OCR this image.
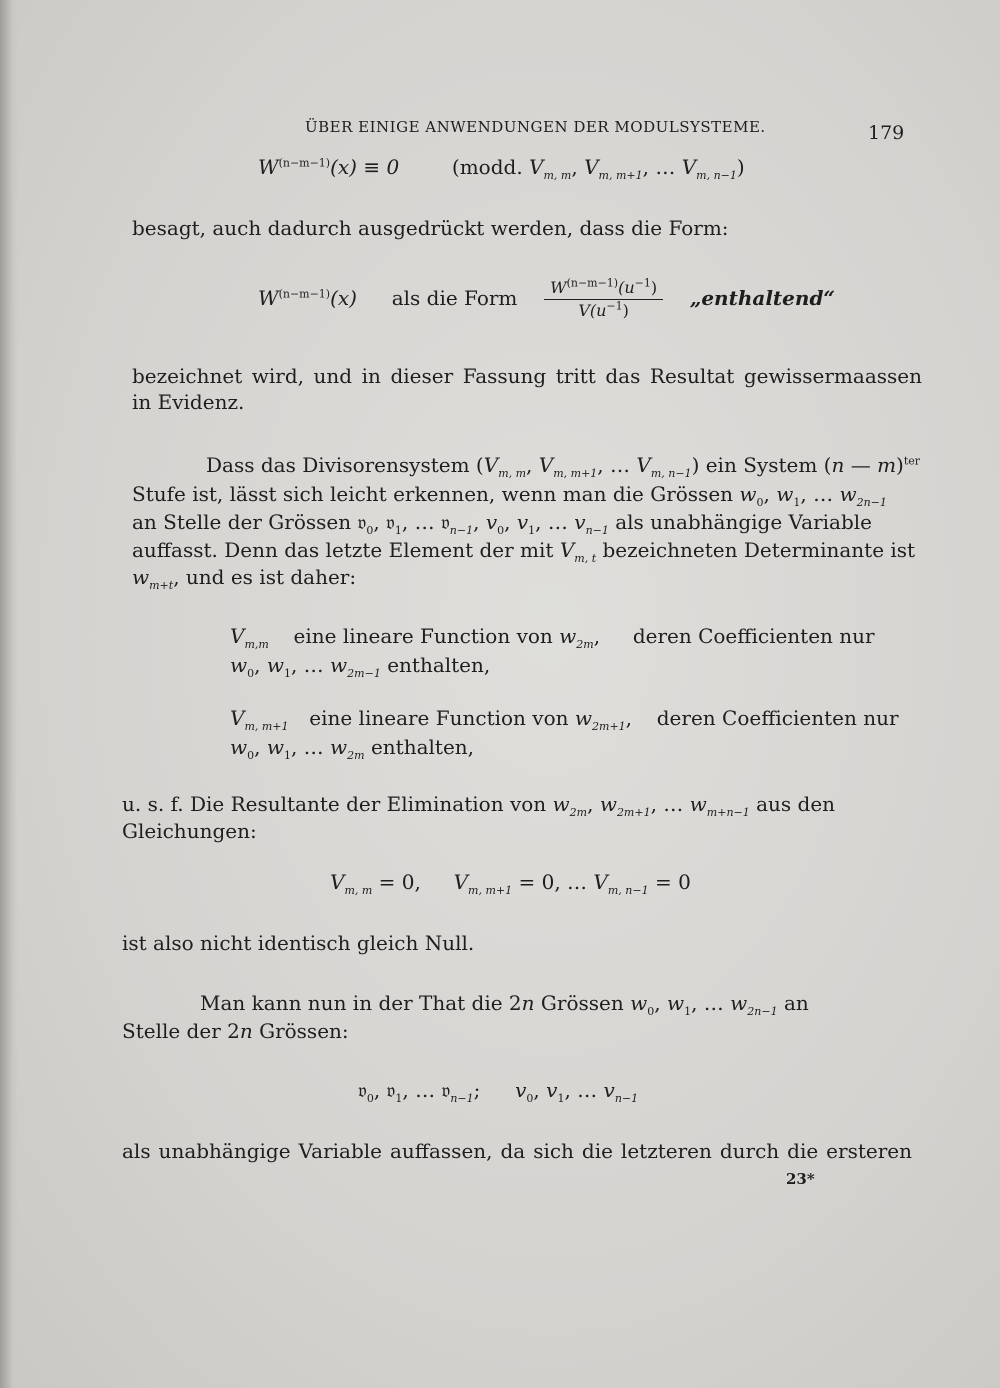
ÜBER EINIGE ANWENDUNGEN DER MODULSYSTEME.	179
$W^{(n-m-1)}(x) \equiv 0$	(modd. $V_{m, m}$, $V_{m, m+1}$, … $V_{m, n-1}$)
besagt, auch dadurch ausgedrückt werden, dass die Form:
$W^{(n-m-1)}(x)$ als die Form $\frac{W^{(n-m-1)}(u^{-1})}{V(u^{-1})}$ „enthaltend“
bezeichnet wird, und in dieser Fassung tritt das Resultat gewissermaassen
in Evidenz.
Dass das Divisorensystem ($V_{m, m}$, $V_{m, m+1}$, … $V_{m, n-1}$) ein System (n — m)$^{ter}$
Stufe ist, lässt sich leicht erkennen, wenn man die Grössen $w_0$, $w_1$, … $w_{2n-1}$
an Stelle der Grössen 𝔳$_0$, 𝔳$_1$, … 𝔳$_{n-1}$, $v_0$, $v_1$, … $v_{n-1}$ als unabhängige Variable
auffasst. Denn das letzte Element der mit $V_{m, t}$ bezeichneten Determinante ist
$w_{m+t}$, und es ist daher:
$V_{m,m}$ eine lineare Function von $w_{2m}$,  deren Coefficienten nur
$w_0$, $w_1$, … $w_{2m-1}$ enthalten,
$V_{m, m+1}$ eine lineare Function von $w_{2m+1}$,  deren Coefficienten nur
$w_0$, $w_1$, … $w_{2m}$ enthalten,
u. s. f. Die Resultante der Elimination von $w_{2m}$, $w_{2m+1}$, … $w_{m+n-1}$ aus den
Gleichungen:
$V_{m, m} = 0$, $V_{m, m+1} = 0$, … $V_{m, n-1} = 0$
ist also nicht identisch gleich Null.
Man kann nun in der That die 2n Grössen $w_0$, $w_1$, … $w_{2n-1}$ an
Stelle der 2n Grössen:
𝔳$_0$, 𝔳$_1$, … 𝔳$_{n-1}$;  $v_0$, $v_1$, … $v_{n-1}$
als unabhängige Variable auffassen, da sich die letzteren durch die ersteren
23*
